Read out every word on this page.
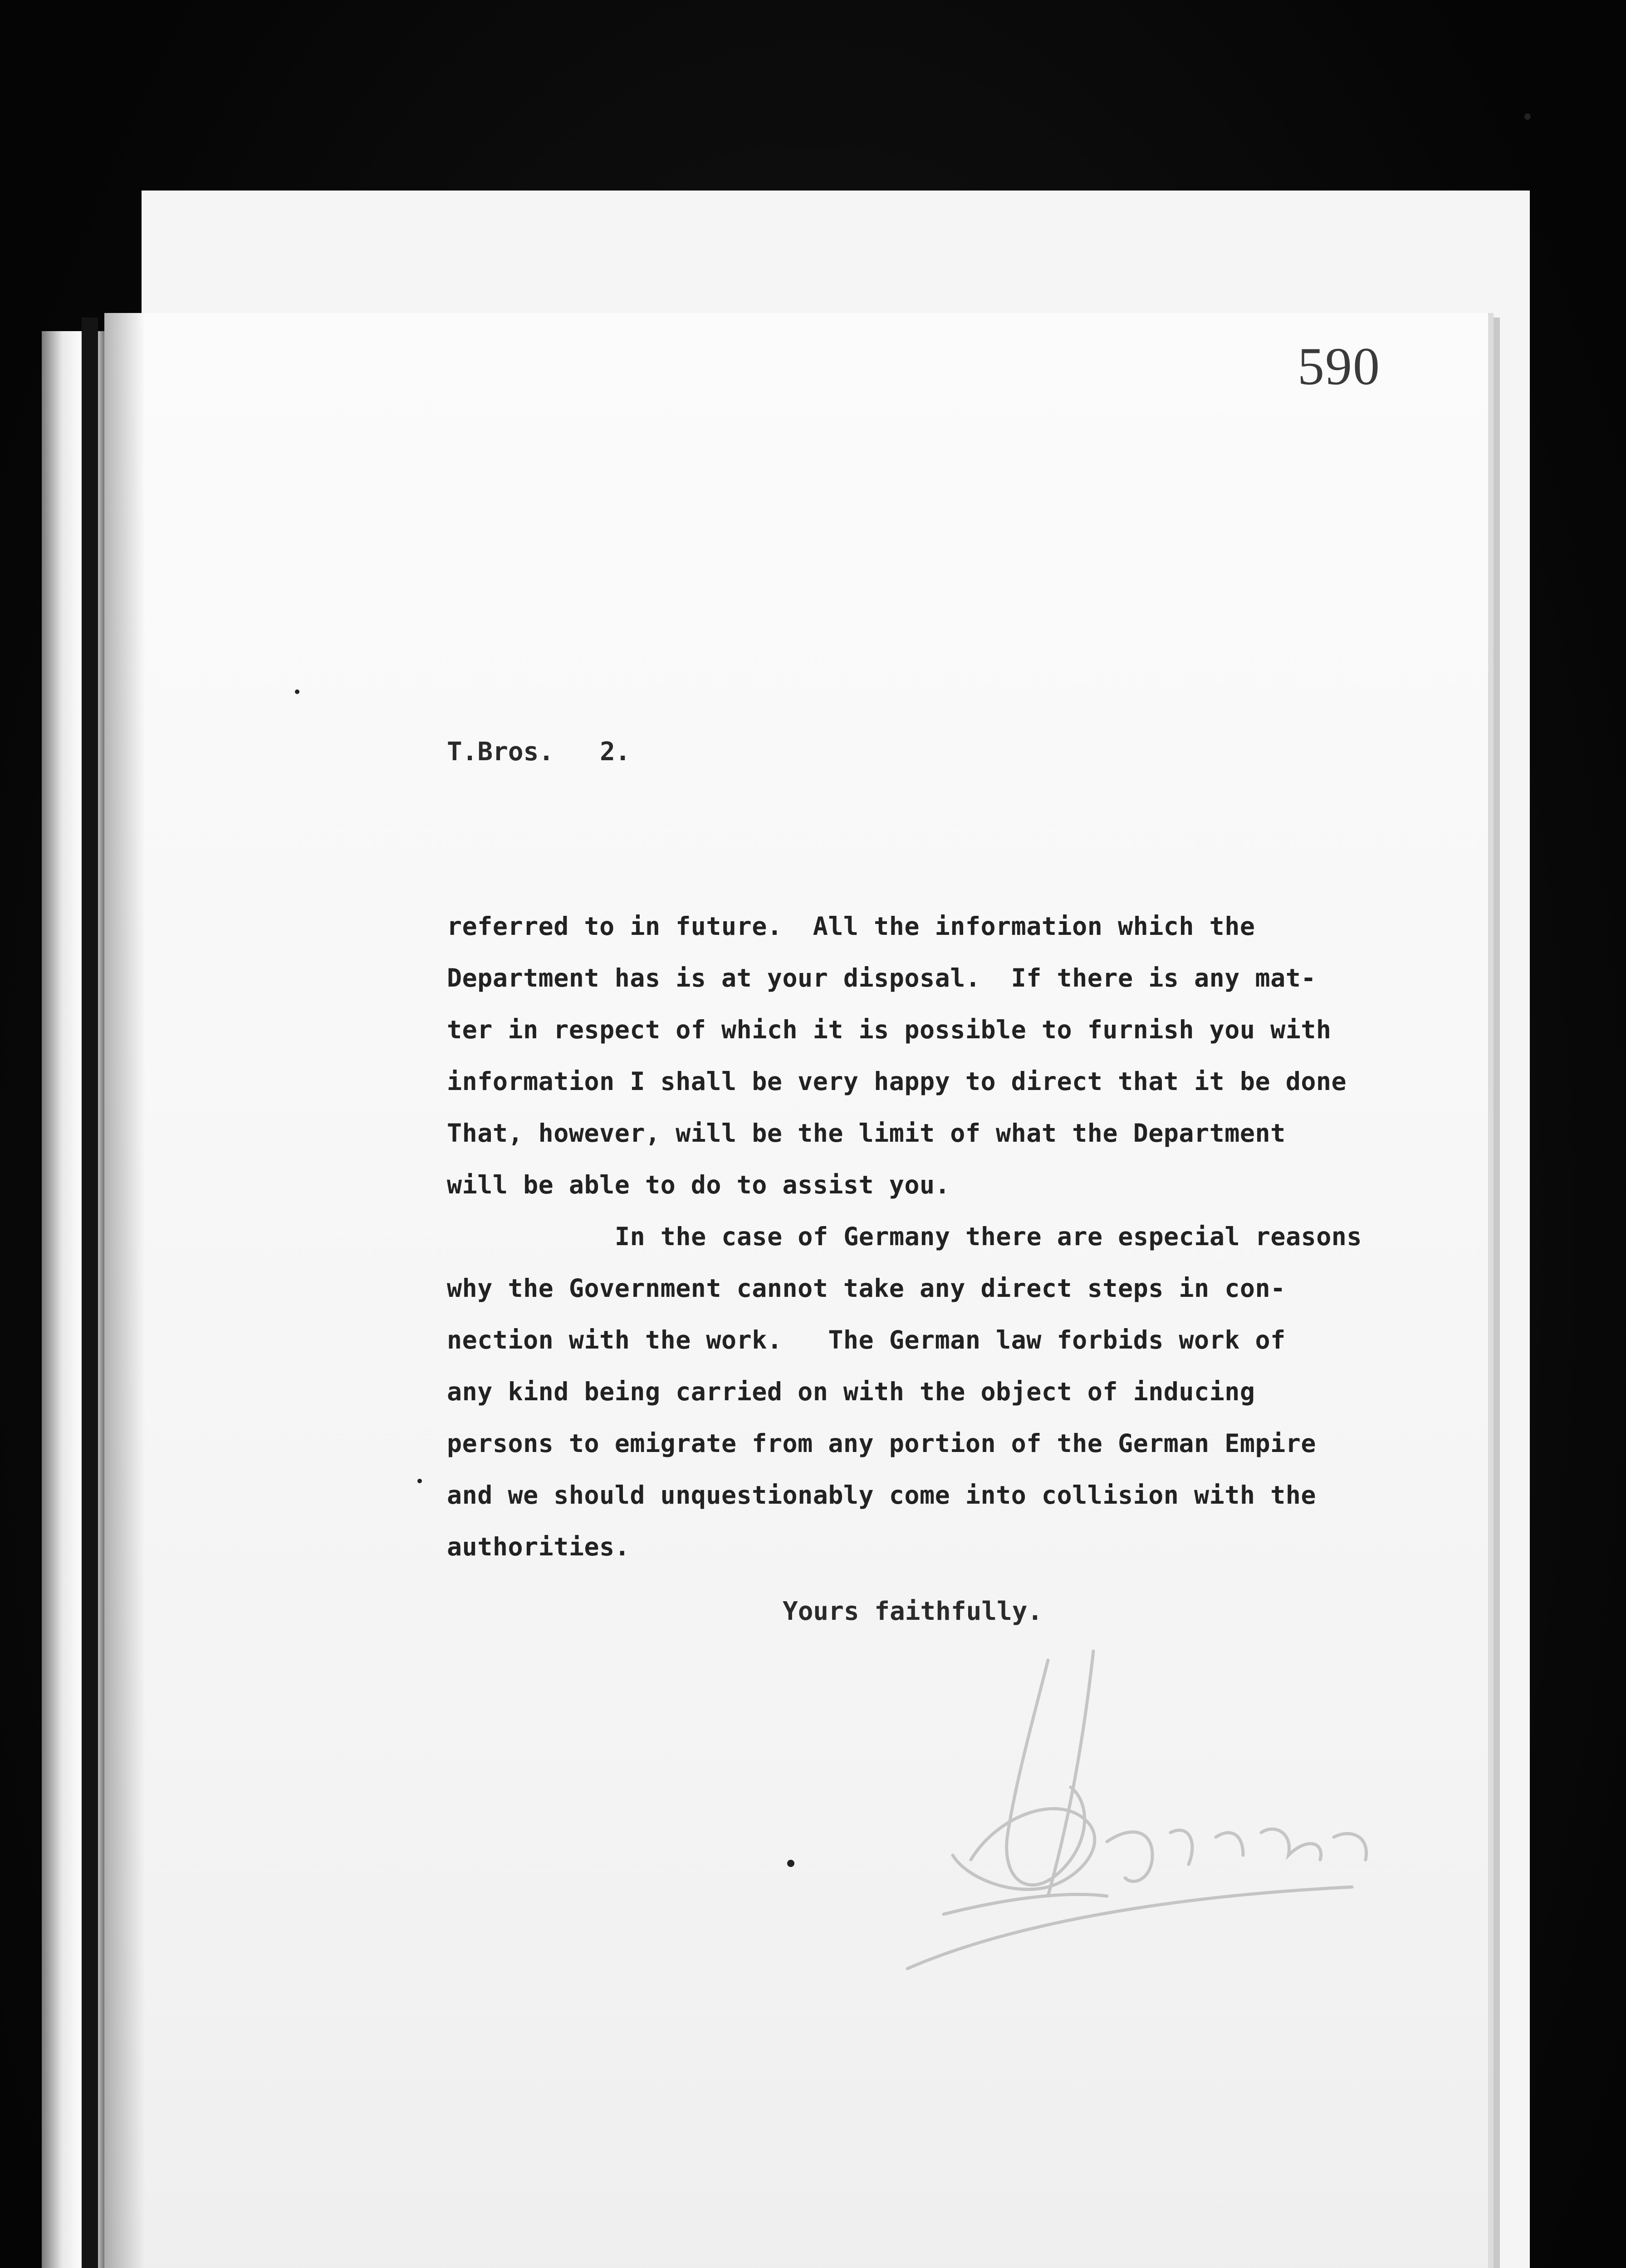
590
T.Bros.   2.
referred to in future.  All the information which the
Department has is at your disposal.  If there is any mat-
ter in respect of which it is possible to furnish you with
information I shall be very happy to direct that it be done
That, however, will be the limit of what the Department
will be able to do to assist you.
In the case of Germany there are especial reasons
why the Government cannot take any direct steps in con-
nection with the work.   The German law forbids work of
any kind being carried on with the object of inducing
persons to emigrate from any portion of the German Empire
and we should unquestionably come into collision with the
authorities.
Yours faithfully.
